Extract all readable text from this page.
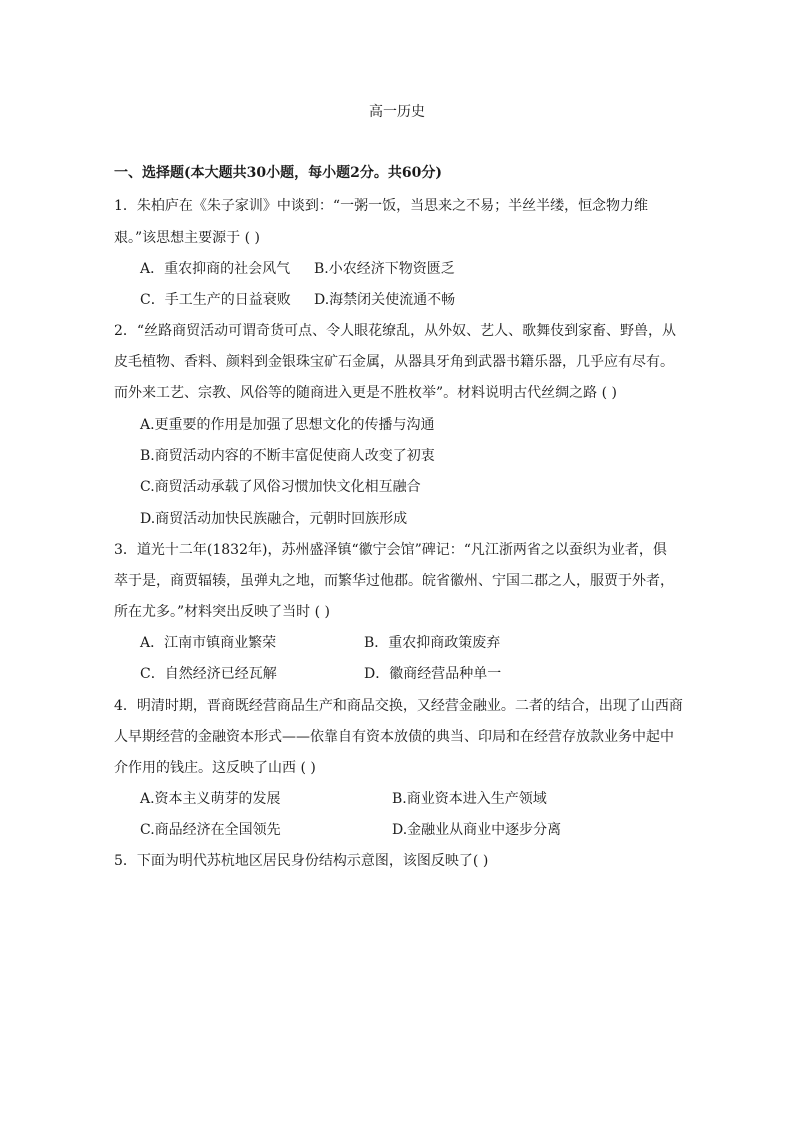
高一历史
一、选择题(本大题共30小题，每小题2分。共60分)
1．朱柏庐在《朱子家训》中谈到：“一粥一饭，当思来之不易；半丝半缕，恒念物力维
艰。”该思想主要源于 ( )
A．重农抑商的社会风气 B.小农经济下物资匮乏
C．手工生产的日益衰败 D.海禁闭关使流通不畅
2．“丝路商贸活动可谓奇货可点、令人眼花缭乱，从外奴、艺人、歌舞伎到家畜、野兽，从
皮毛植物、香料、颜料到金银珠宝矿石金属，从器具牙角到武器书籍乐器，几乎应有尽有。
而外来工艺、宗教、风俗等的随商进入更是不胜枚举”。材料说明古代丝绸之路 ( )
A.更重要的作用是加强了思想文化的传播与沟通
B.商贸活动内容的不断丰富促使商人改变了初衷
C.商贸活动承载了风俗习惯加快文化相互融合
D.商贸活动加快民族融合，元朝时回族形成
3．道光十二年(1832年)，苏州盛泽镇“徽宁会馆”碑记：“凡江浙两省之以蚕织为业者，俱
萃于是，商贾辐辏，虽弹丸之地，而繁华过他郡。皖省徽州、宁国二郡之人，服贾于外者，
所在尤多。”材料突出反映了当时 ( )
A．江南市镇商业繁荣	B．重农抑商政策废弃
C．自然经济已经瓦解	D．徽商经营品种单一
4．明清时期，晋商既经营商品生产和商品交换，又经营金融业。二者的结合，出现了山西商
人早期经营的金融资本形式——依靠自有资本放债的典当、印局和在经营存放款业务中起中
介作用的钱庄。这反映了山西 ( )
A.资本主义萌芽的发展	B.商业资本进入生产领域
C.商品经济在全国领先	D.金融业从商业中逐步分离
5．下面为明代苏杭地区居民身份结构示意图，该图反映了( )
